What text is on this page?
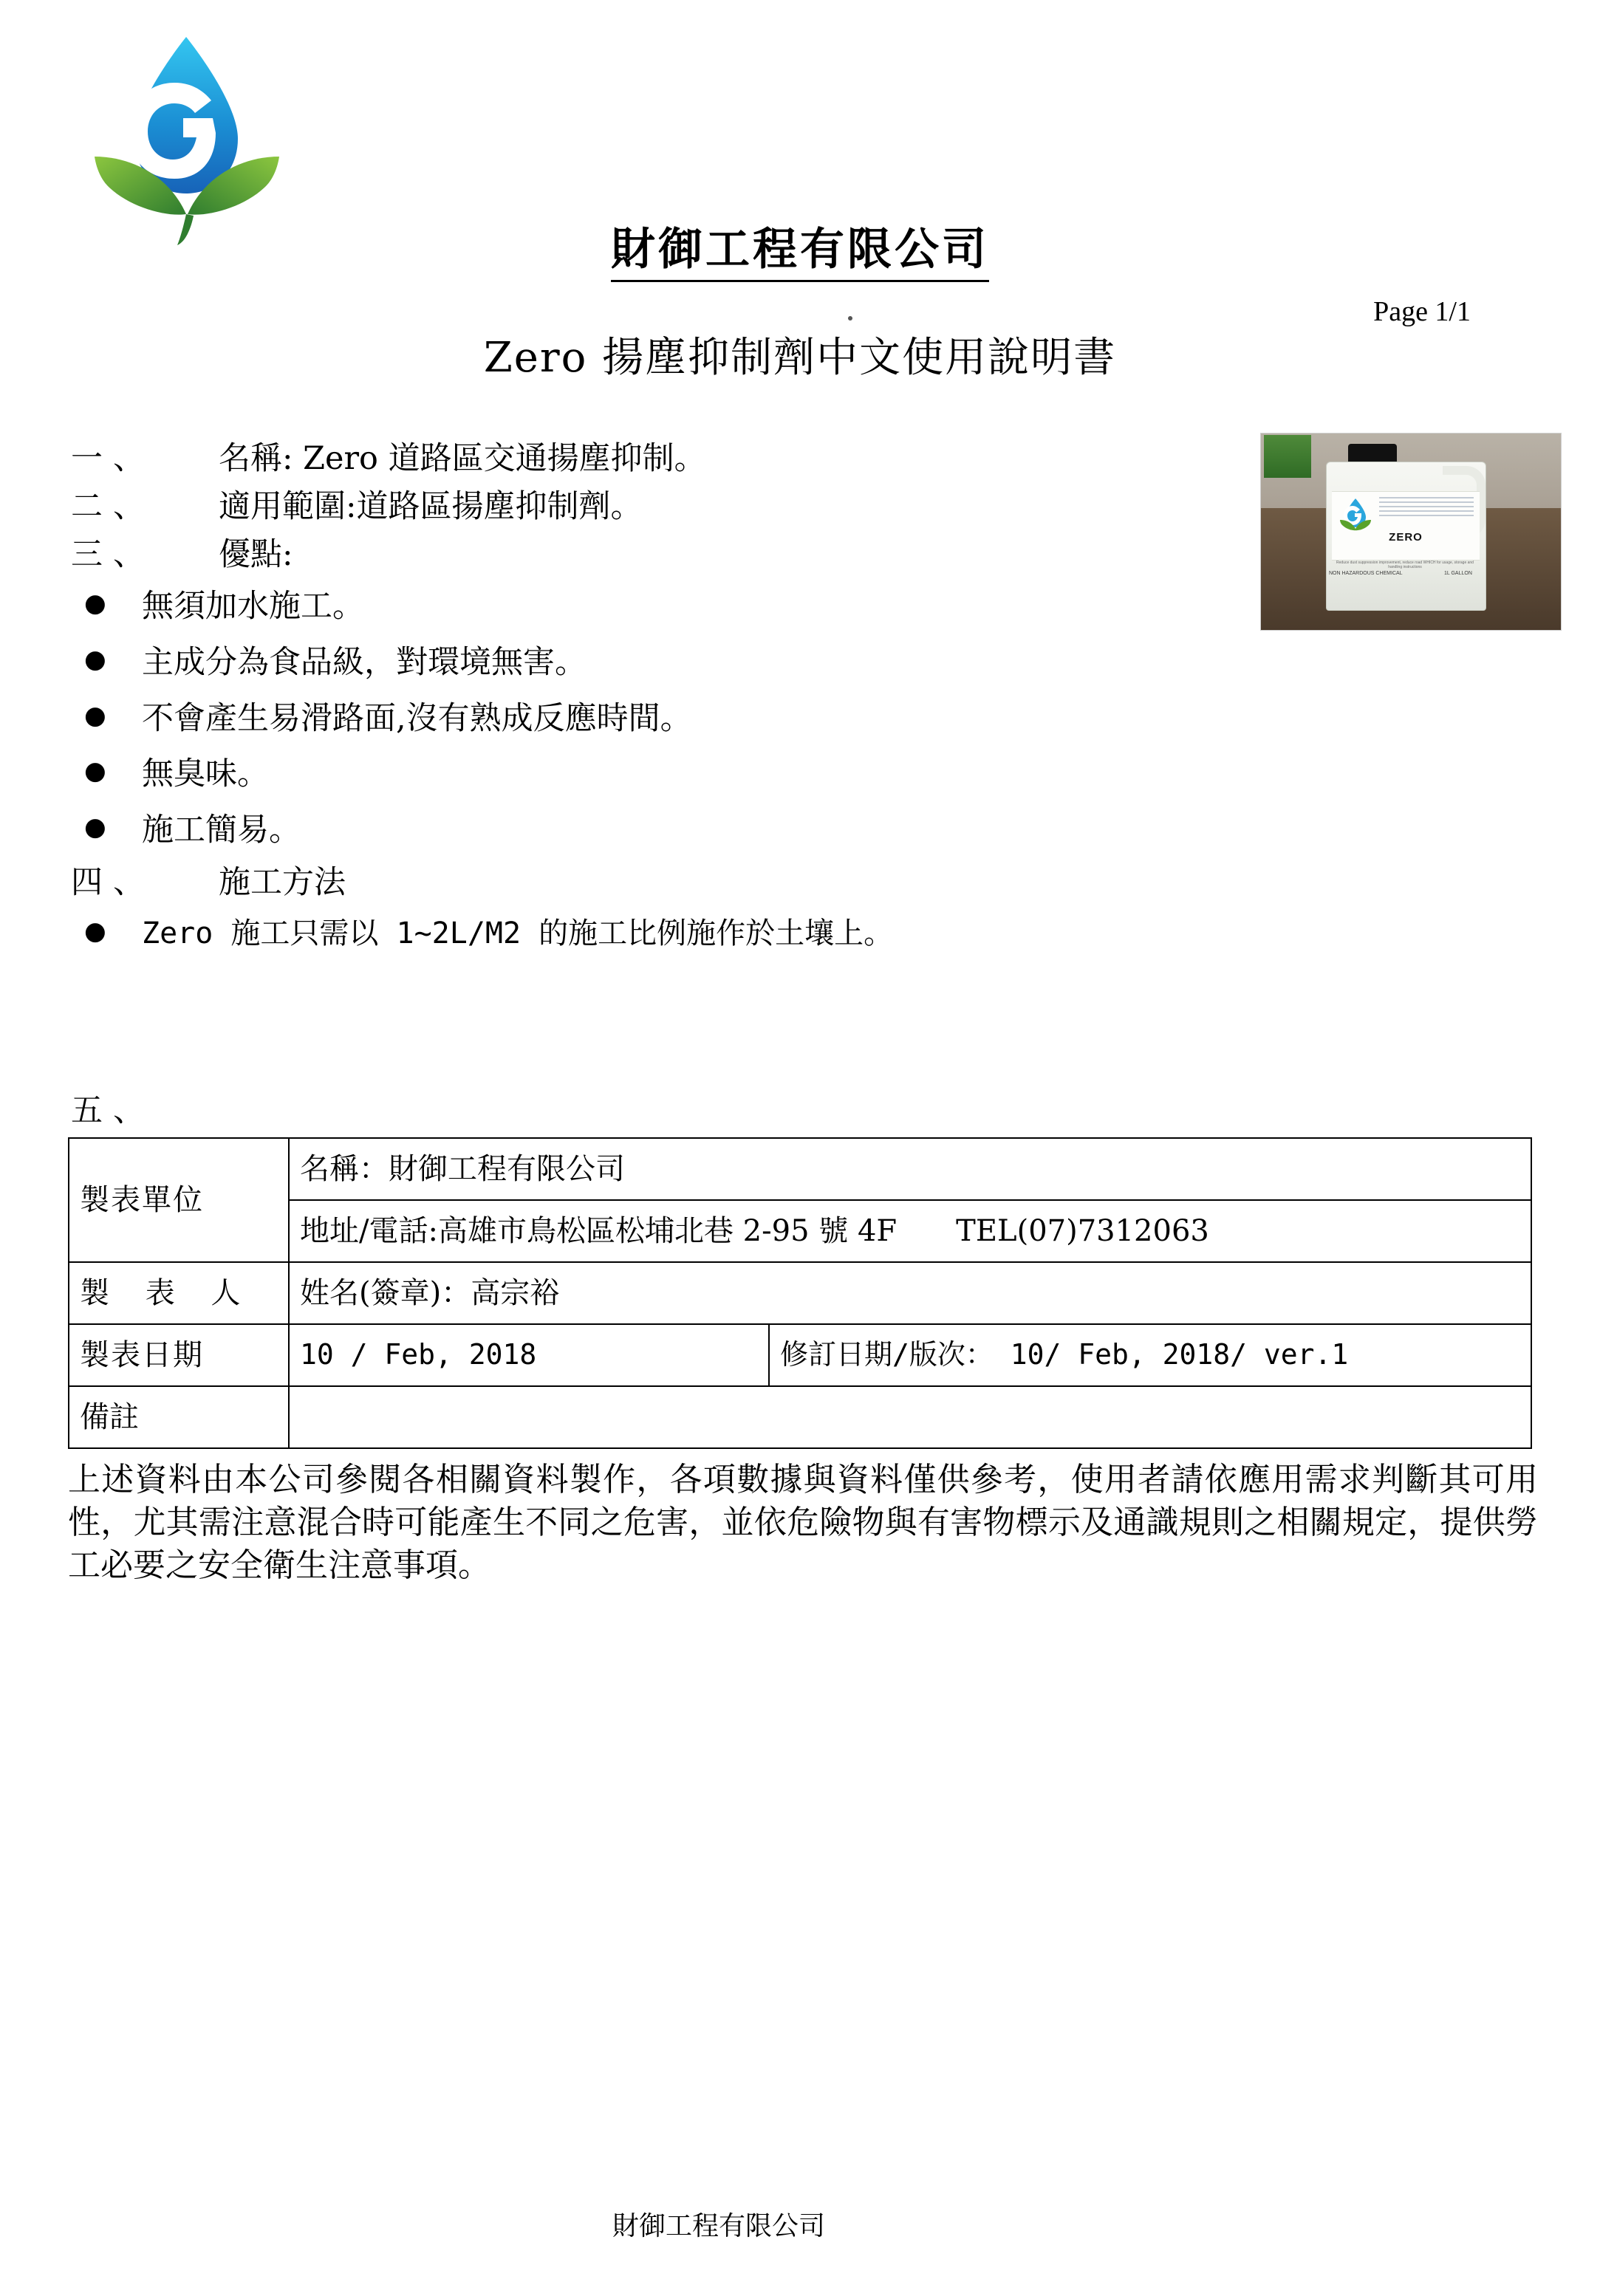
財御工程有限公司
Page 1/1
Zero 揚塵抑制劑中文使用說明書
ZERO
Reduce dust suppression improvement, reduce road WHICH for usage, storage and handling instructions
NON HAZARDOUS CHEMICAL	1L GALLON
一、	名稱: Zero 道路區交通揚塵抑制。
二、	適用範圍:道路區揚塵抑制劑。
三、	優點:
●	無須加水施工。
●	主成分為食品級，對環境無害。
●	不會產生易滑路面,沒有熟成反應時間。
●	無臭味。
●	施工簡易。
四、	施工方法
●	Zero 施工只需以 1~2L/M2 的施工比例施作於土壤上。
五、
製表單位	名稱：財御工程有限公司	
	地址/電話:高雄市鳥松區松埔北巷 2-95 號 4F　　TEL(07)7312063	
製 表 人	姓名(簽章)：高宗裕	
製表日期	10 / Feb, 2018	修訂日期/版次： 10/ Feb, 2018/ ver.1
備註		
上述資料由本公司參閱各相關資料製作，各項數據與資料僅供參考，使用者請依應用需求判斷其可用性，尤其需注意混合時可能產生不同之危害，並依危險物與有害物標示及通識規則之相關規定，提供勞工必要之安全衛生注意事項。
財御工程有限公司
